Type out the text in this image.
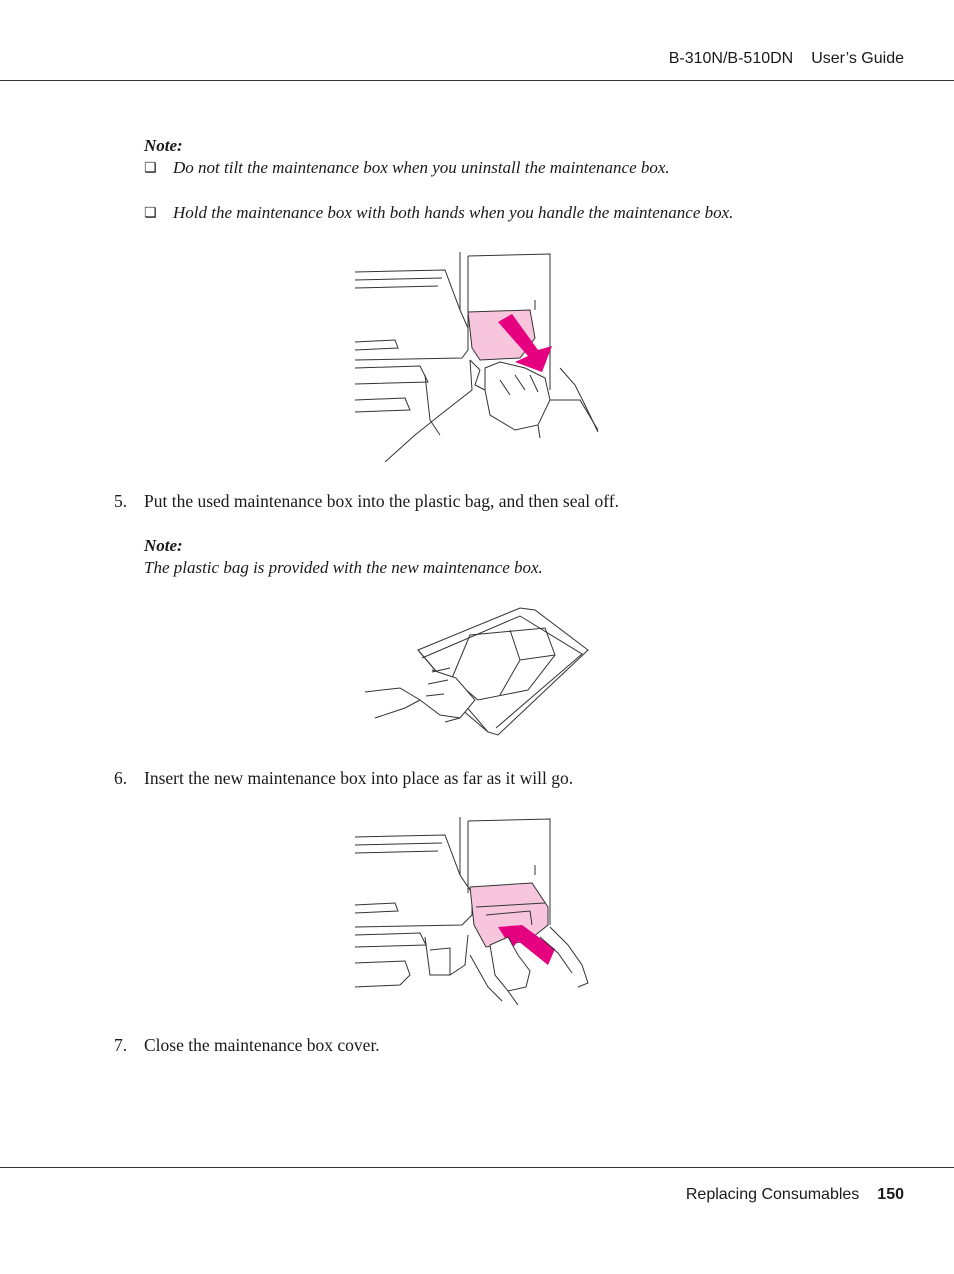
B-310N/B-510DN User’s Guide
Note:
❏ Do not tilt the maintenance box when you uninstall the maintenance box.
❏ Hold the maintenance box with both hands when you handle the maintenance box.
5. Put the used maintenance box into the plastic bag, and then seal off.
Note:
The plastic bag is provided with the new maintenance box.
6. Insert the new maintenance box into place as far as it will go.
7. Close the maintenance box cover.
Replacing Consumables 150
